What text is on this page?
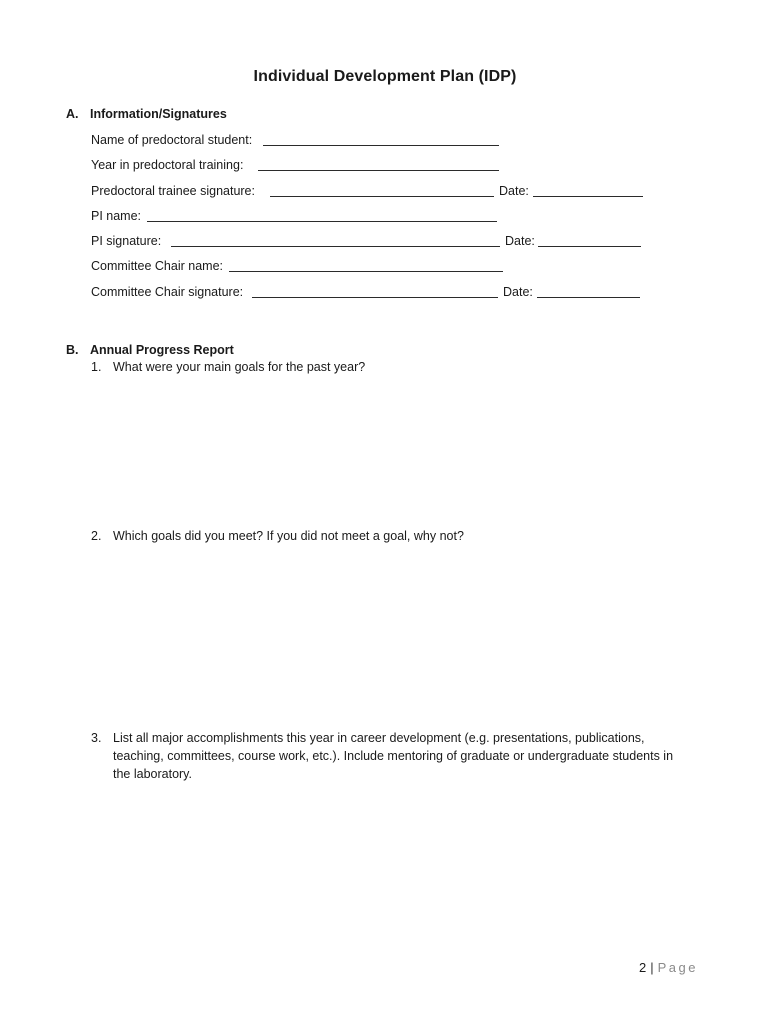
Individual Development Plan (IDP)
A. Information/Signatures
Name of predoctoral student:
Year in predoctoral training:
Predoctoral trainee signature:	Date:
PI name:
PI signature:	Date:
Committee Chair name:
Committee Chair signature:	Date:
B. Annual Progress Report
1. What were your main goals for the past year?
2. Which goals did you meet? If you did not meet a goal, why not?
3. List all major accomplishments this year in career development (e.g. presentations, publications, teaching, committees, course work, etc.). Include mentoring of graduate or undergraduate students in the laboratory.
2 | Page
